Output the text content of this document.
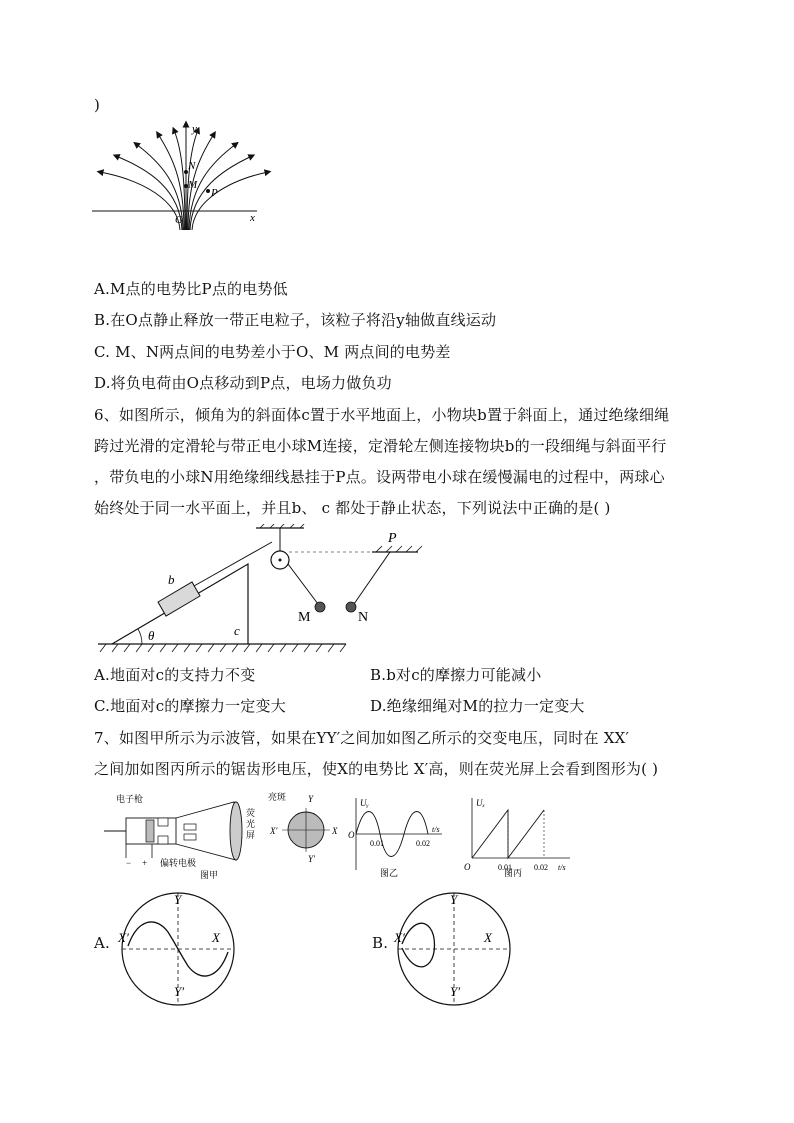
)
y
x
O
N
M
P
A.M点的电势比P点的电势低
B.在O点静止释放一带正电粒子，该粒子将沿y轴做直线运动
C. M、N两点间的电势差小于O、M 两点间的电势差
D.将负电荷由O点移动到P点，电场力做负功
6、如图所示，倾角为的斜面体c置于水平地面上，小物块b置于斜面上，通过绝缘细绳
跨过光滑的定滑轮与带正电小球M连接，定滑轮左侧连接物块b的一段细绳与斜面平行
，带负电的小球N用绝缘细线悬挂于P点。设两带电小球在缓慢漏电的过程中，两球心
始终处于同一水平面上，并且b、 c 都处于静止状态，下列说法中正确的是( )
θ	c
b
M
P
N
A.地面对c的支持力不变	B.b对c的摩擦力可能减小
C.地面对c的摩擦力一定变大	D.绝缘细绳对M的拉力一定变大
7、如图甲所示为示波管，如果在YY′之间加如图乙所示的交变电压，同时在 XX′
之间加如图丙所示的锯齿形电压，使X的电势比 X′高，则在荧光屏上会看到图形为( )
电子枪	亮斑
− + 偏转电极
荧
光
屏
Y
Y′
X
X′
图甲
Uᵧ
O
0.01	0.02
t/s
图乙
Uₓ
O	0.01	0.02 t/s
图丙
A.
Y
Y′
X
X′	B.
Y
Y′
X
X′
